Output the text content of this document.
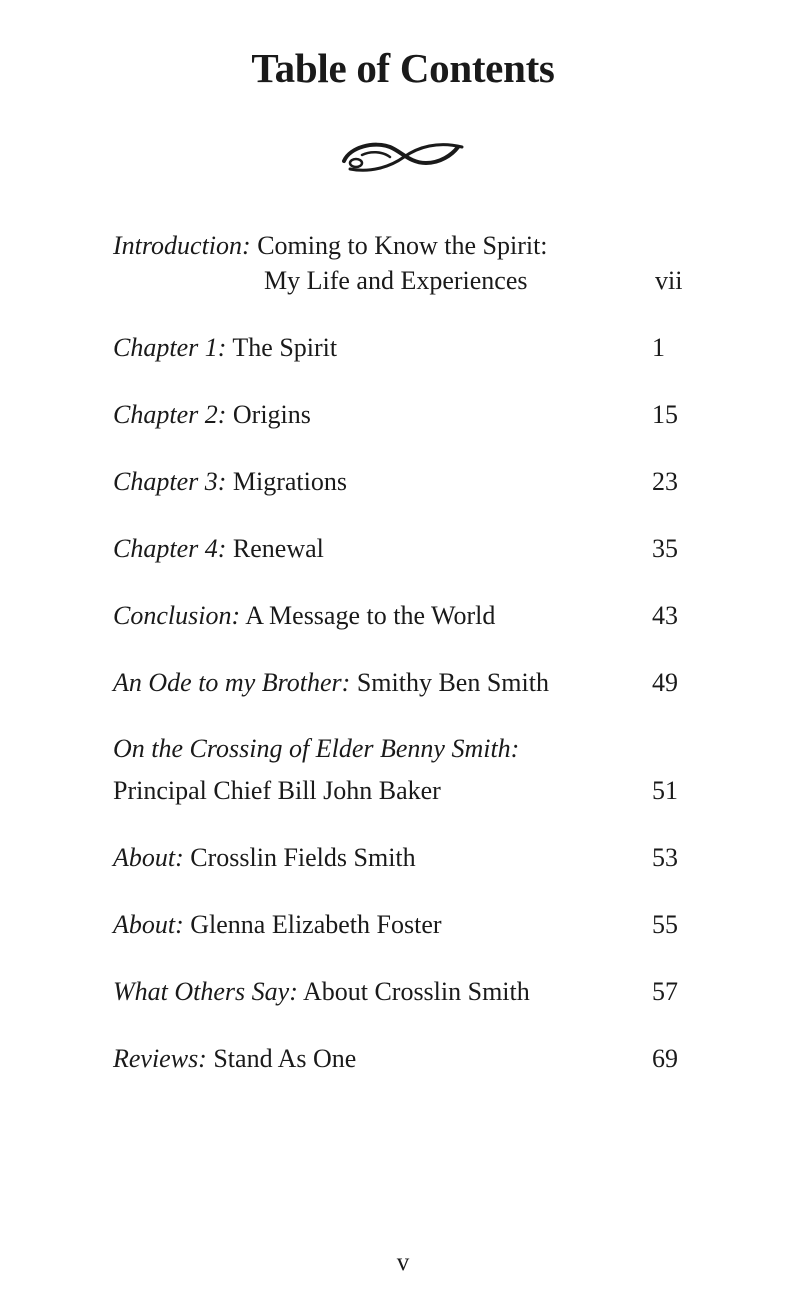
Table of Contents
Introduction: Coming to Know the Spirit:
My Life and Experiences	vii
Chapter 1: The Spirit	1
Chapter 2: Origins	15
Chapter 3: Migrations	23
Chapter 4: Renewal	35
Conclusion: A Message to the World	43
An Ode to my Brother: Smithy Ben Smith	49
On the Crossing of Elder Benny Smith:
Principal Chief Bill John Baker	51
About: Crosslin Fields Smith	53
About: Glenna Elizabeth Foster	55
What Others Say: About Crosslin Smith	57
Reviews: Stand As One	69
v
